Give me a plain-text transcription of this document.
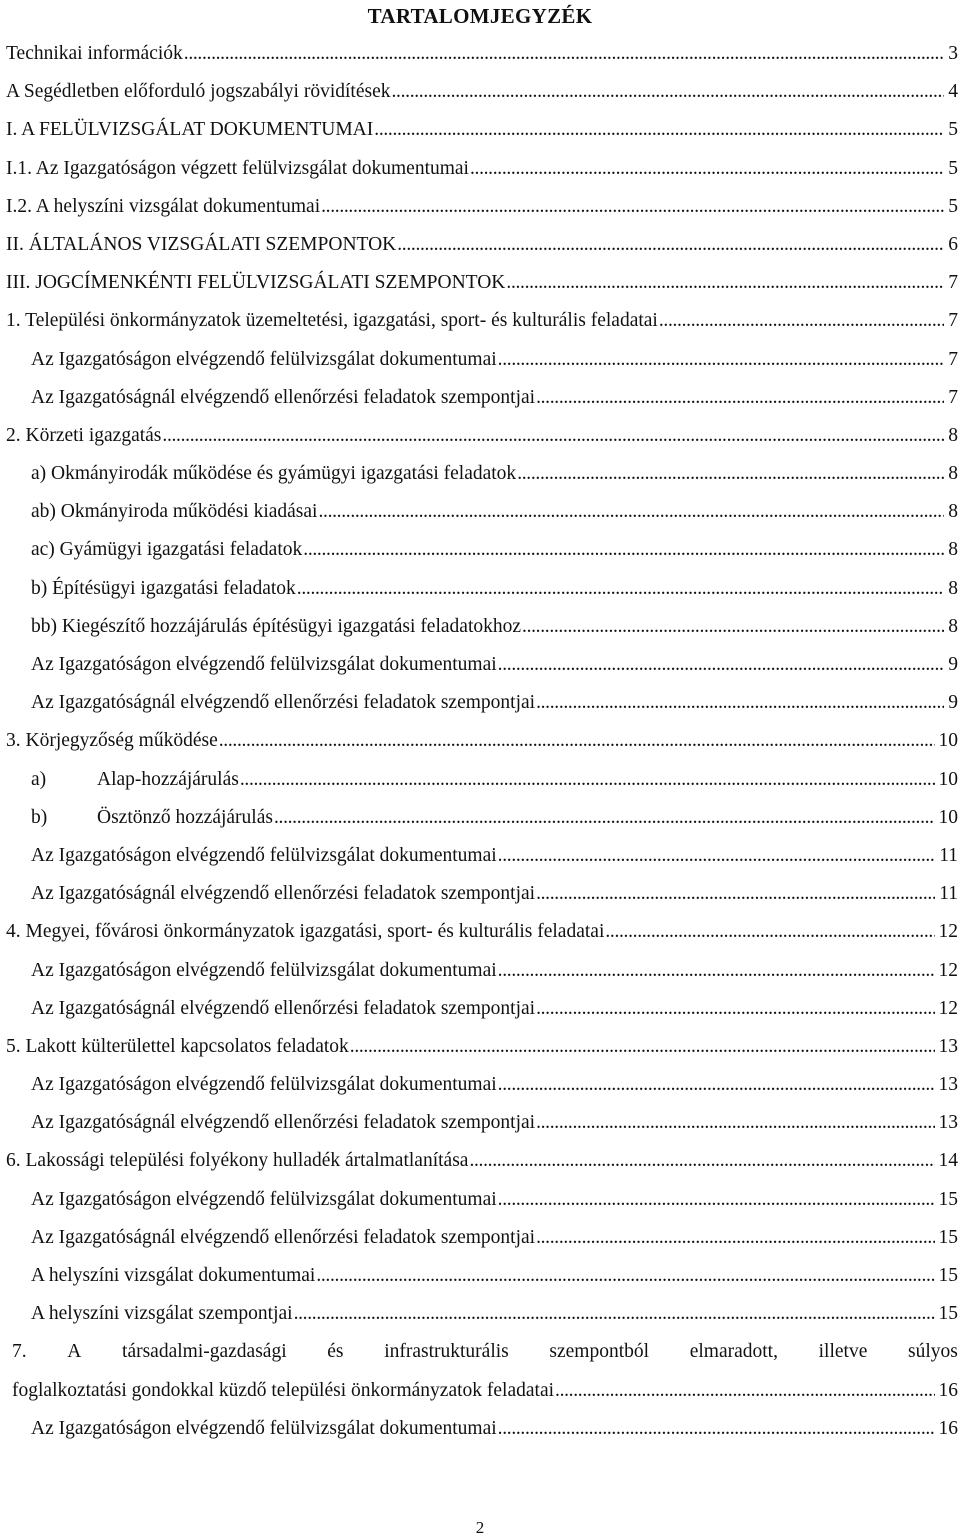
TARTALOMJEGYZÉK
Technikai információk . . .	3
A Segédletben előforduló jogszabályi rövidítések . . .	4
I. A FELÜLVIZSGÁLAT DOKUMENTUMAI . . .	5
I.1. Az Igazgatóságon végzett felülvizsgálat dokumentumai . . .	5
I.2. A helyszíni vizsgálat dokumentumai . . .	5
II. ÁLTALÁNOS VIZSGÁLATI SZEMPONTOK . . .	6
III. JOGCÍMENKÉNTI FELÜLVIZSGÁLATI SZEMPONTOK . . .	7
1. Települési önkormányzatok üzemeltetési, igazgatási, sport- és kulturális feladatai . . .	7
Az Igazgatóságon elvégzendő felülvizsgálat dokumentumai . . .	7
Az Igazgatóságnál elvégzendő ellenőrzési feladatok szempontjai . . .	7
2. Körzeti igazgatás . . .	8
a) Okmányirodák működése és gyámügyi igazgatási feladatok . . .	8
ab) Okmányiroda működési kiadásai . . .	8
ac) Gyámügyi igazgatási feladatok . . .	8
b) Építésügyi igazgatási feladatok . . .	8
bb) Kiegészítő hozzájárulás építésügyi igazgatási feladatokhoz . . .	8
Az Igazgatóságon elvégzendő felülvizsgálat dokumentumai . . .	9
Az Igazgatóságnál elvégzendő ellenőrzési feladatok szempontjai . . .	9
3. Körjegyzőség működése . . .	10
a)	Alap-hozzájárulás . . .	10
b)	Ösztönző hozzájárulás . . .	10
Az Igazgatóságon elvégzendő felülvizsgálat dokumentumai . . .	11
Az Igazgatóságnál elvégzendő ellenőrzési feladatok szempontjai . . .	11
4. Megyei, fővárosi önkormányzatok igazgatási, sport- és kulturális feladatai . . .	12
Az Igazgatóságon elvégzendő felülvizsgálat dokumentumai . . .	12
Az Igazgatóságnál elvégzendő ellenőrzési feladatok szempontjai . . .	12
5. Lakott külterülettel kapcsolatos feladatok . . .	13
Az Igazgatóságon elvégzendő felülvizsgálat dokumentumai . . .	13
Az Igazgatóságnál elvégzendő ellenőrzési feladatok szempontjai . . .	13
6. Lakossági települési folyékony hulladék ártalmatlanítása . . .	14
Az Igazgatóságon elvégzendő felülvizsgálat dokumentumai . . .	15
Az Igazgatóságnál elvégzendő ellenőrzési feladatok szempontjai . . .	15
A helyszíni vizsgálat dokumentumai . . .	15
A helyszíni vizsgálat szempontjai . . .	15
7. A társadalmi-gazdasági és infrastrukturális szempontból elmaradott, illetve súlyos
foglalkoztatási gondokkal küzdő települési önkormányzatok feladatai . . .	16
Az Igazgatóságon elvégzendő felülvizsgálat dokumentumai . . .	16
2
